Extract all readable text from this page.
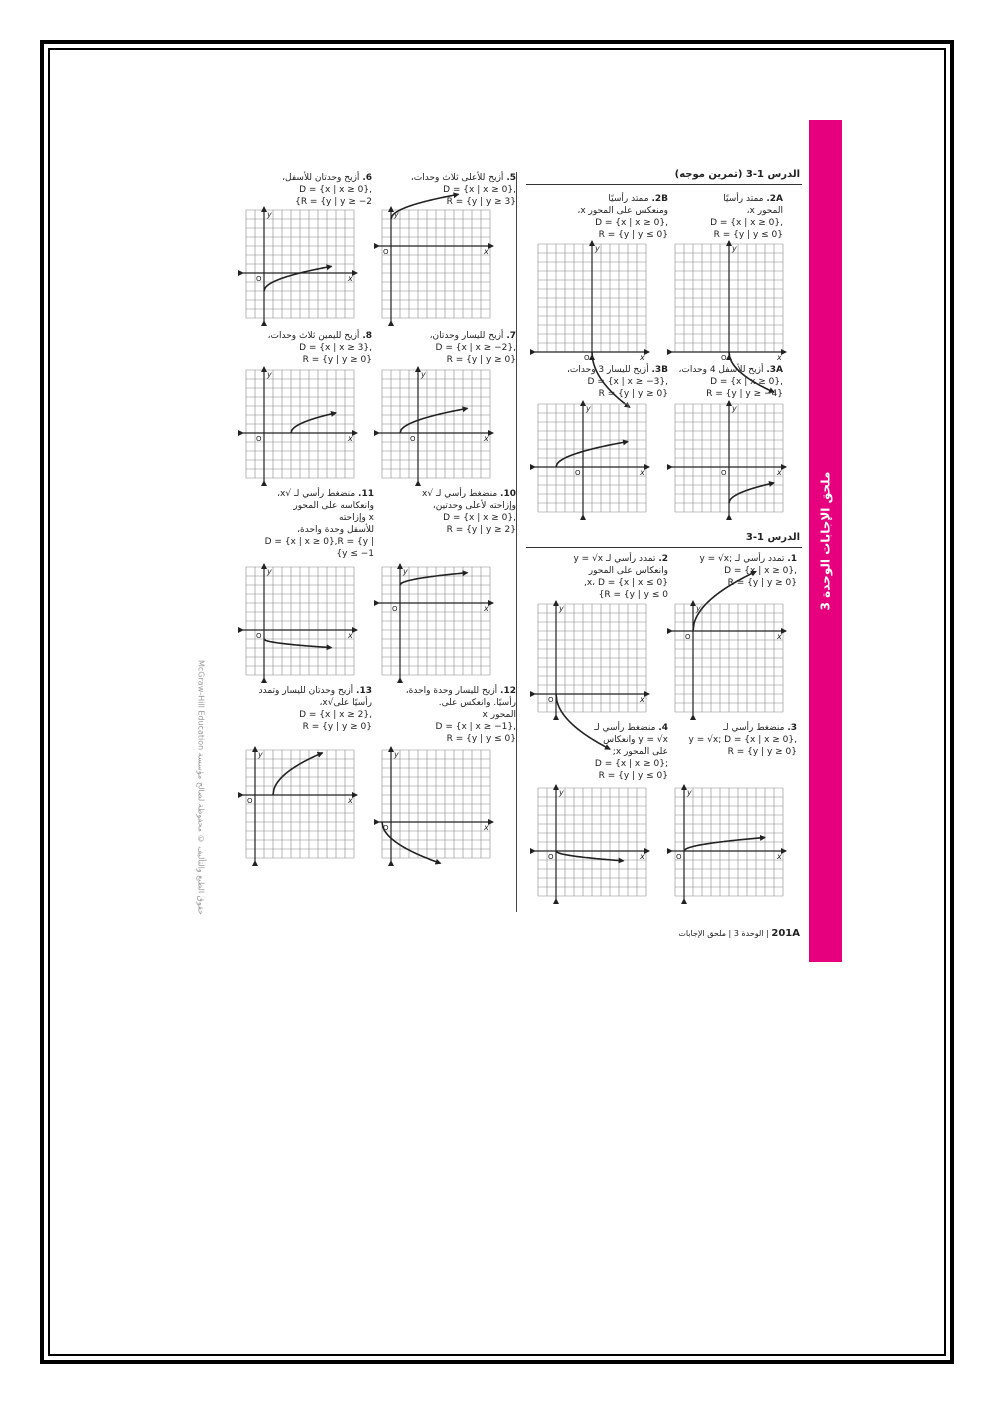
ملحق الإجابات الوحدة 3
حقوق الطبع والتأليف © محفوظة لصالح مؤسسة McGraw-Hill Education
الدرس 1-3 (تمرين موجه)
الدرس 1-3
2A. ممتد رأسيًا
المحور x،
D = {x | x ≥ 0},
R = {y | y ≤ 0}
x
y
O
2B. ممتد رأسيًا
ومنعكس على المحور x،
D = {x | x ≥ 0},
R = {y | y ≤ 0}
x
y
O
3A. أزيح للأسفل 4 وحدات،
D = {x | x ≥ 0},
R = {y | y ≥ −4}
x
y
O
3B. أزيح لليسار 3 وحدات،
D = {x | x ≥ −3},
R = {y | y ≥ 0}
x
y
O
1. تمدد رأسي لـ ;y = √x
D = {x | x ≥ 0},
R = {y | y ≥ 0}
x
y
O
2. تمدد رأسي لـ y = √x
وانعكاس على المحور
x، D = {x | x ≤ 0},
{R = {y | y ≤ 0
x
y
O
3. منضغط رأسي لـ
y = √x; D = {x | x ≥ 0},
R = {y | y ≥ 0}
x
y
O
4. منضغط رأسي لـ
y = √x وانعكاس
على المحور x;
D = {x | x ≥ 0};
R = {y | y ≤ 0}
x
y
O
5. أزيح للأعلى ثلاث وحدات،
D = {x | x ≥ 0},
R = {y | y ≥ 3}
x
y
O
6. أزيح وحدتان للأسفل،
D = {x | x ≥ 0},
{R = {y | y ≥ −2
x
y
O
7. أزيح لليسار وحدتان،
D = {x | x ≥ −2},
R = {y | y ≥ 0}
x
y
O
8. أزيح لليمين ثلاث وحدات،
D = {x | x ≥ 3},
R = {y | y ≥ 0}
x
y
O
10. منضغط رأسي لـ √x
وإزاحته لأعلى وحدتين،
D = {x | x ≥ 0},
R = {y | y ≥ 2}
x
y
O
11. منضغط رأسي لـ √x،
وانعكاسه على المحور
x وإزاحته
للأسفل وحدة واحدة،
D = {x | x ≥ 0},R = {y |
y ≤ −1}
x
y
O
12. أزيح لليسار وحدة واحدة،
رأسيًا. وانعكس على.
المحور x
D = {x | x ≥ −1},
R = {y | y ≤ 0}
x
y
O
13. أزيح وحدتان لليسار وتمدد
رأسيًا على√x،
D = {x | x ≥ 2},
R = {y | y ≥ 0}
x
y
O
201A | الوحدة 3 | ملحق الإجابات
